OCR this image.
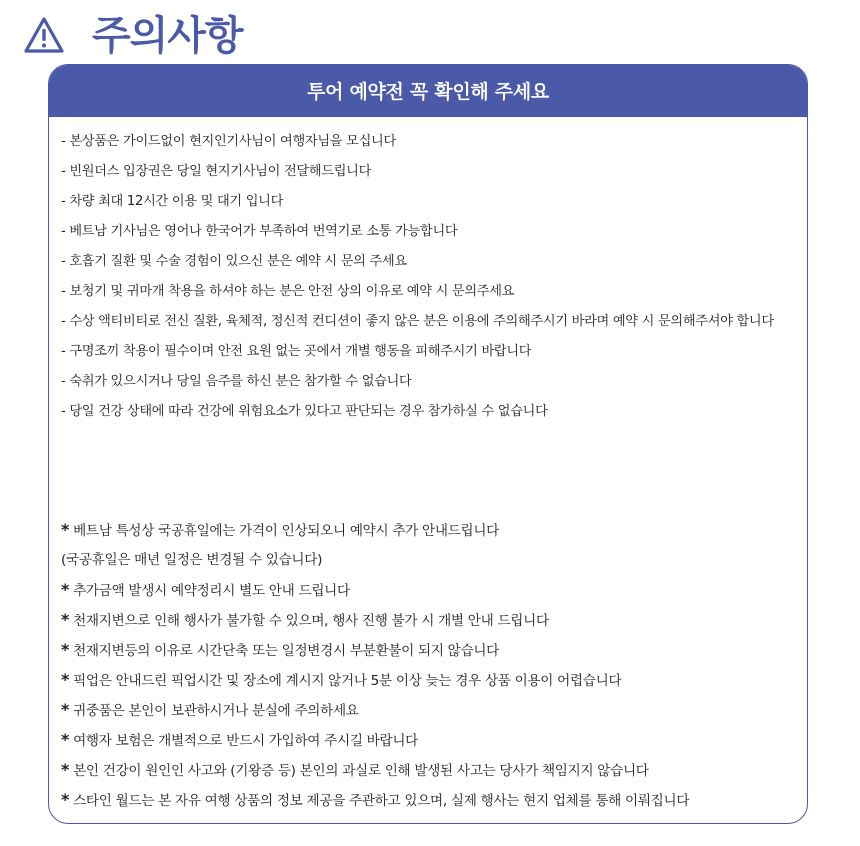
주의사항
투어 예약전 꼭 확인해 주세요
- 본상품은 가이드없이 현지인기사님이 여행자님을 모십니다
- 빈원더스 입장권은 당일 현지기사님이 전달해드립니다
- 차량 최대 12시간 이용 및 대기 입니다
- 베트남 기사님은 영어나 한국어가 부족하여 번역기로 소통 가능합니다
- 호흡기 질환 및 수술 경험이 있으신 분은 예약 시 문의 주세요
- 보청기 및 귀마개 착용을 하셔야 하는 분은 안전 상의 이유로 예약 시 문의주세요
- 수상 액티비티로 전신 질환, 육체적, 정신적 컨디션이 좋지 않은 분은 이용에 주의해주시기 바라며 예약 시 문의해주셔야 합니다
- 구명조끼 착용이 필수이며 안전 요원 없는 곳에서 개별 행동을 피해주시기 바랍니다
- 숙취가 있으시거나 당일 음주를 하신 분은 참가할 수 없습니다
- 당일 건강 상태에 따라 건강에 위험요소가 있다고 판단되는 경우 참가하실 수 없습니다
* 베트남 특성상 국공휴일에는 가격이 인상되오니 예약시 추가 안내드립니다
(국공휴일은 매년 일정은 변경될 수 있습니다)
* 추가금액 발생시 예약정리시 별도 안내 드립니다
* 천재지변으로 인해 행사가 불가할 수 있으며, 행사 진행 불가 시 개별 안내 드립니다
* 천재지변등의 이유로 시간단축 또는 일정변경시 부분환불이 되지 않습니다
* 픽업은 안내드린 픽업시간 및 장소에 계시지 않거나 5분 이상 늦는 경우 상품 이용이 어렵습니다
* 귀중품은 본인이 보관하시거나 분실에 주의하세요
* 여행자 보험은 개별적으로 반드시 가입하여 주시길 바랍니다
* 본인 건강이 원인인 사고와 (기왕증 등) 본인의 과실로 인해 발생된 사고는 당사가 책임지지 않습니다
* 스타인 월드는 본 자유 여행 상품의 정보 제공을 주관하고 있으며, 실제 행사는 현지 업체를 통해 이뤄집니다
